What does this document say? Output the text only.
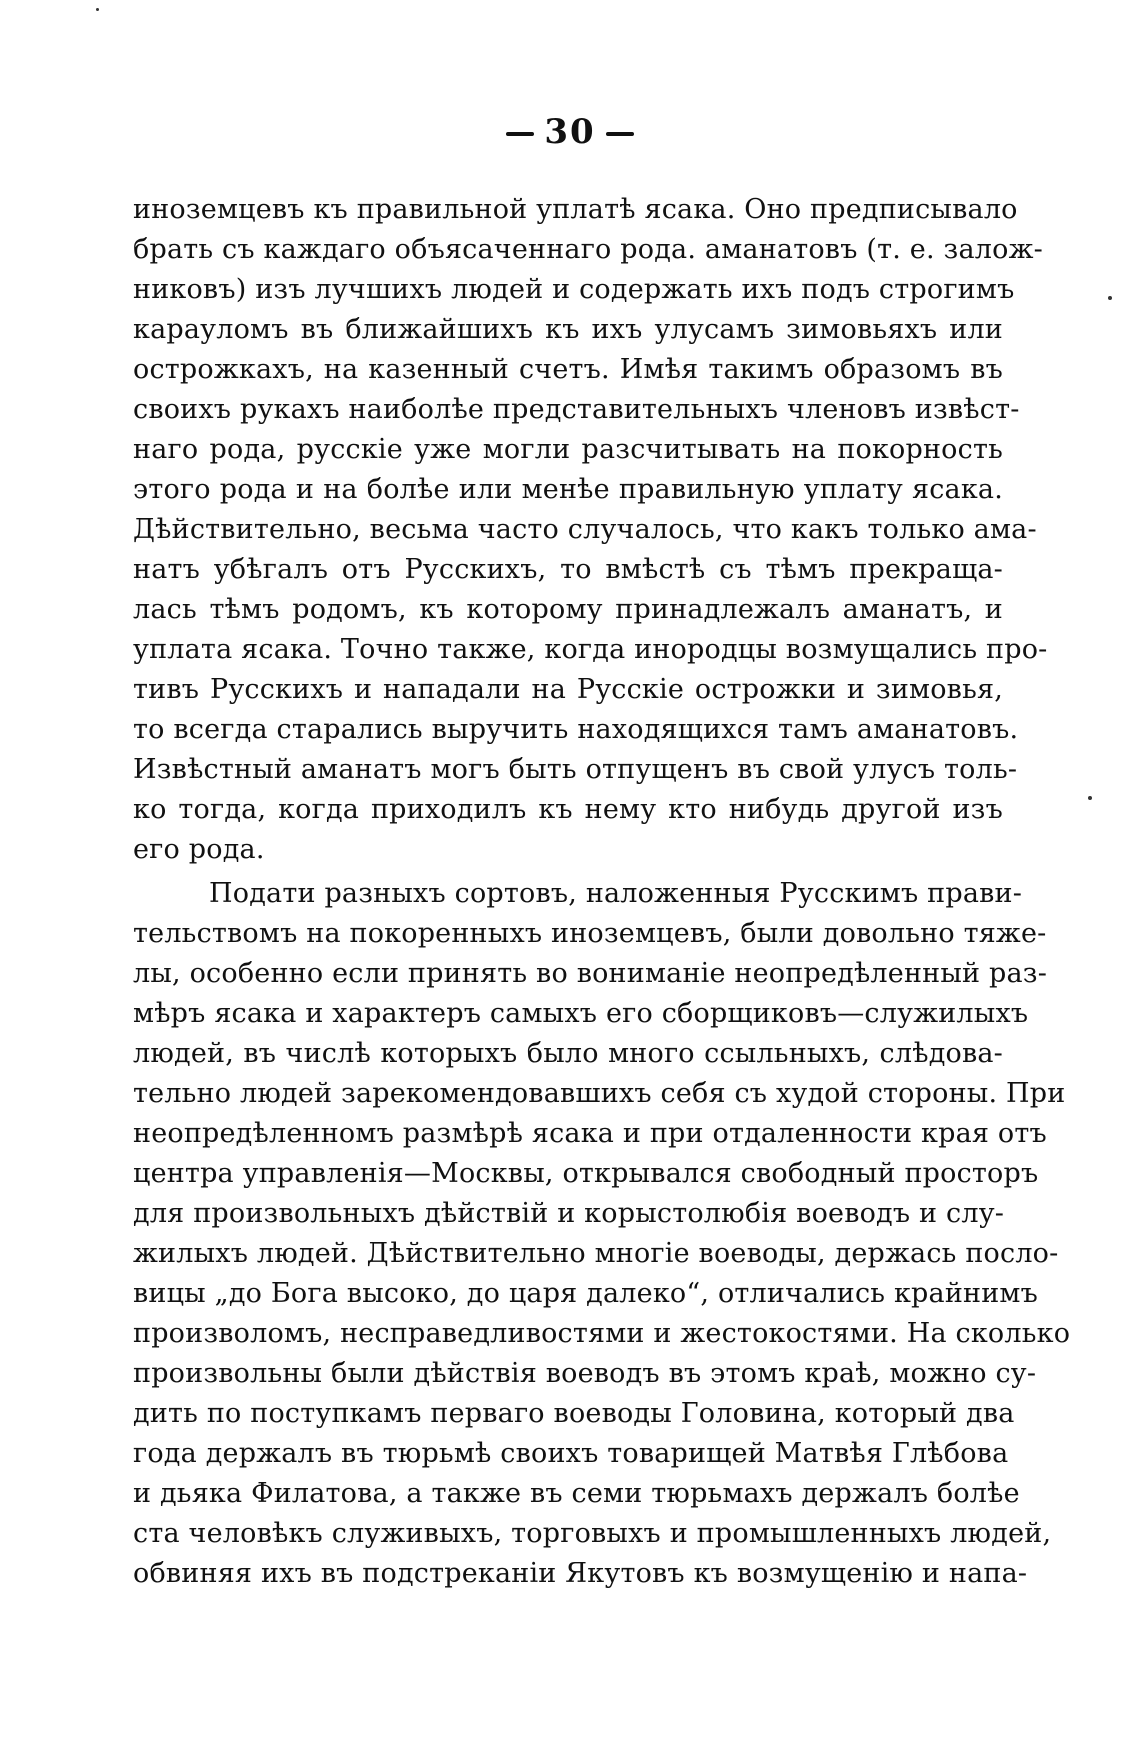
30
иноземцевъ къ правильной уплатѣ ясака. Оно предписывало
брать съ каждаго объясаченнаго рода. аманатовъ (т. е. залож-
никовъ) изъ лучшихъ людей и содержать ихъ подъ строгимъ
карауломъ въ ближайшихъ къ ихъ улусамъ зимовьяхъ или
острожкахъ, на казенный счетъ. Имѣя такимъ образомъ въ
своихъ рукахъ наиболѣе представительныхъ членовъ извѣст-
наго рода, русскіе уже могли разсчитывать на покорность
этого рода и на болѣе или менѣе правильную уплату ясака.
Дѣйствительно, весьма часто случалось, что какъ только ама-
натъ убѣгалъ отъ Русскихъ, то вмѣстѣ съ тѣмъ прекраща-
лась тѣмъ родомъ, къ которому принадлежалъ аманатъ, и
уплата ясака. Точно также, когда инородцы возмущались про-
тивъ Русскихъ и нападали на Русскіе острожки и зимовья,
то всегда старались выручить находящихся тамъ аманатовъ.
Извѣстный аманатъ могъ быть отпущенъ въ свой улусъ толь-
ко тогда, когда приходилъ къ нему кто нибудь другой изъ
его рода.
Подати разныхъ сортовъ, наложенныя Русскимъ прави-
тельствомъ на покоренныхъ иноземцевъ, были довольно тяже-
лы, особенно если принять во вониманіе неопредѣленный раз-
мѣръ ясака и характеръ самыхъ его сборщиковъ—служилыхъ
людей, въ числѣ которыхъ было много ссыльныхъ, слѣдова-
тельно людей зарекомендовавшихъ себя съ худой стороны. При
неопредѣленномъ размѣрѣ ясака и при отдаленности края отъ
центра управленія—Москвы, открывался свободный просторъ
для произвольныхъ дѣйствій и корыстолюбія воеводъ и слу-
жилыхъ людей. Дѣйствительно многіе воеводы, держась посло-
вицы „до Бога высоко, до царя далеко“, отличались крайнимъ
произволомъ, несправедливостями и жестокостями. На сколько
произвольны были дѣйствія воеводъ въ этомъ краѣ, можно су-
дить по поступкамъ перваго воеводы Головина, который два
года держалъ въ тюрьмѣ своихъ товарищей Матвѣя Глѣбова
и дьяка Филатова, а также въ семи тюрьмахъ держалъ болѣе
ста человѣкъ служивыхъ, торговыхъ и промышленныхъ людей,
обвиняя ихъ въ подстреканіи Якутовъ къ возмущенію и напа-
